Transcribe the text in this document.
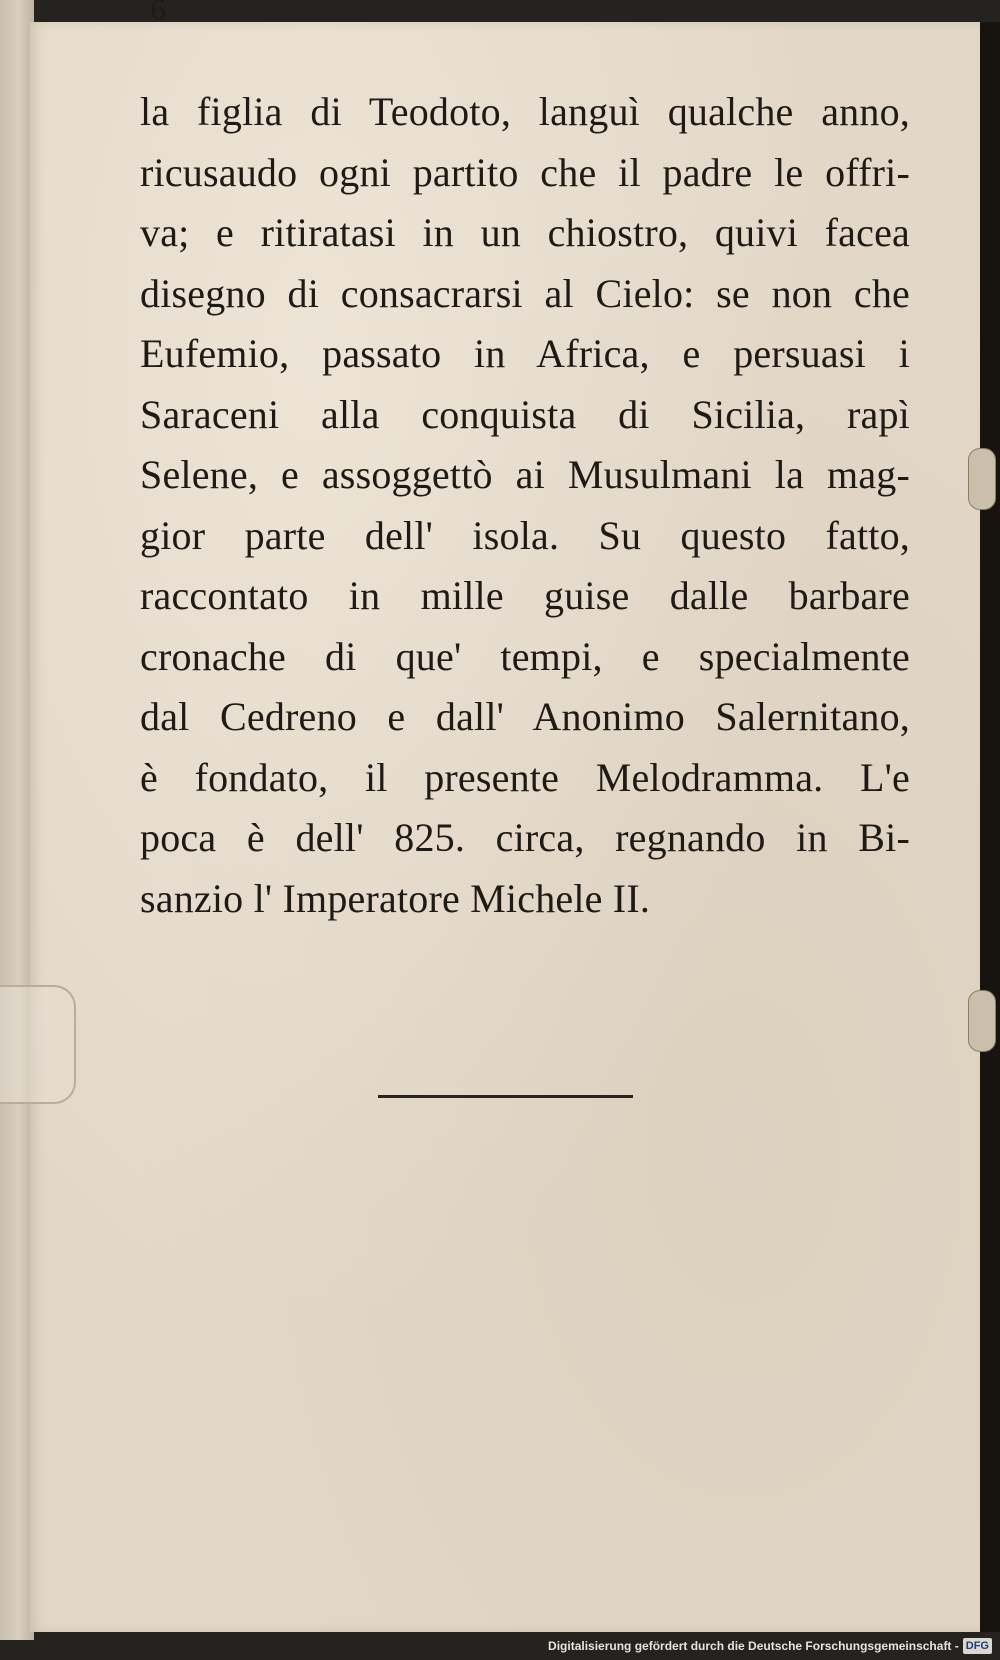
6
la figlia di Teodoto, languì qualche anno,
ricusaudo ogni partito che il padre le offri-
va; e ritiratasi in un chiostro, quivi facea
disegno di consacrarsi al Cielo: se non che
Eufemio, passato in Africa, e persuasi i
Saraceni alla conquista di Sicilia, rapì
Selene, e assoggettò ai Musulmani la mag-
gior parte dell' isola. Su questo fatto,
raccontato in mille guise dalle barbare
cronache di que' tempi, e specialmente
dal Cedreno e dall' Anonimo Salernitano,
è fondato, il presente Melodramma. L'e
poca è dell' 825. circa, regnando in Bi-
sanzio l' Imperatore Michele II.
Digitalisierung gefördert durch die Deutsche Forschungsgemeinschaft - DFG
